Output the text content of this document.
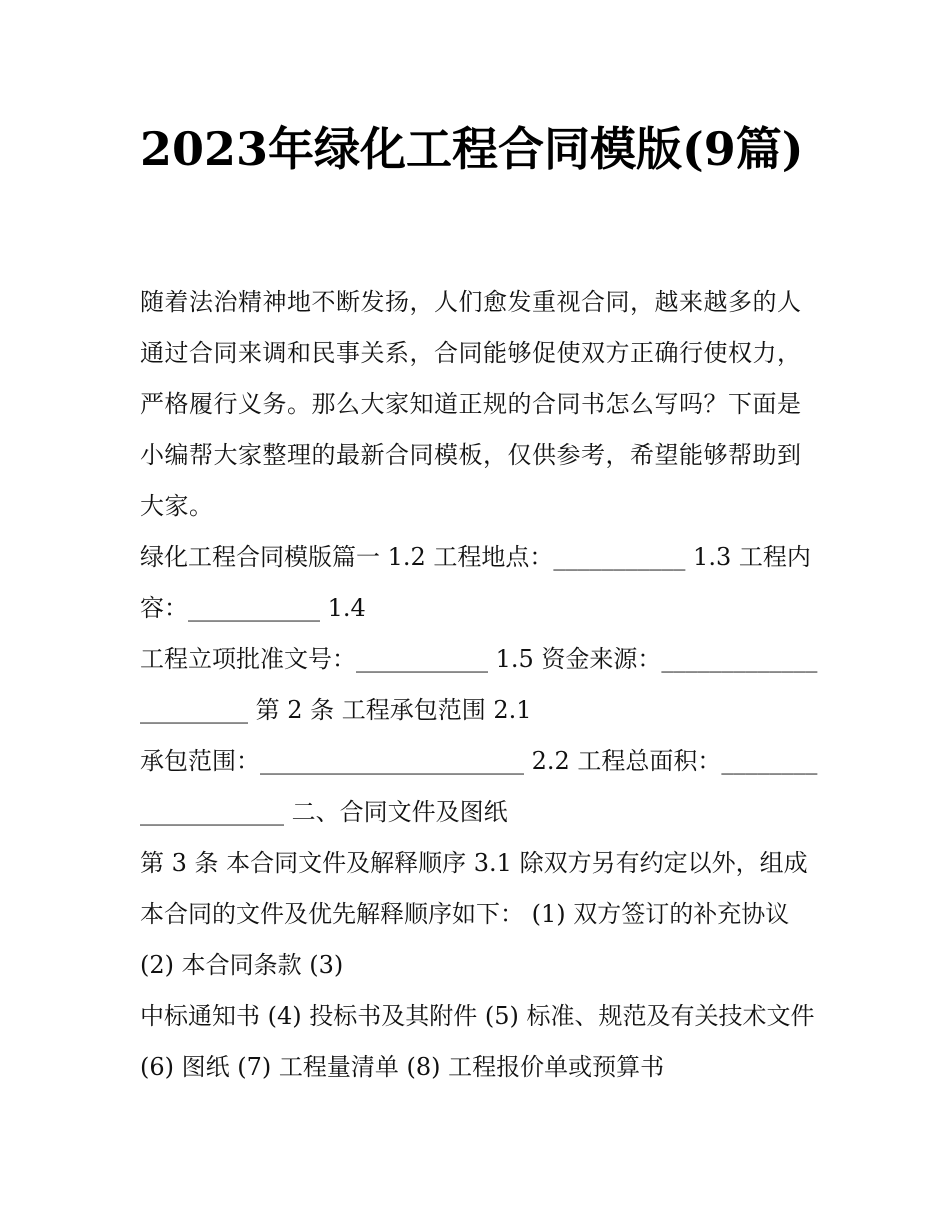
2023年绿化工程合同模版(9篇)

随着法治精神地不断发扬，人们愈发重视合同，越来越多的人通过合同来调和民事关系，合同能够促使双方正确行使权力，严格履行义务。那么大家知道正规的合同书怎么写吗？下面是小编帮大家整理的最新合同模板，仅供参考，希望能够帮助到大家。

绿化工程合同模版篇一 1.2 工程地点：___________ 1.3 工程内容：___________ 1.4

工程立项批准文号：___________ 1.5 资金来源：______________________ 第 2 条 工程承包范围 2.1

承包范围：______________________ 2.2 工程总面积：____________________ 二、合同文件及图纸

第 3 条 本合同文件及解释顺序 3.1 除双方另有约定以外，组成本合同的文件及优先解释顺序如下： (1) 双方签订的补充协议 (2) 本合同条款 (3)

中标通知书 (4) 投标书及其附件 (5) 标准、规范及有关技术文件 (6) 图纸 (7) 工程量清单 (8) 工程报价单或预算书
